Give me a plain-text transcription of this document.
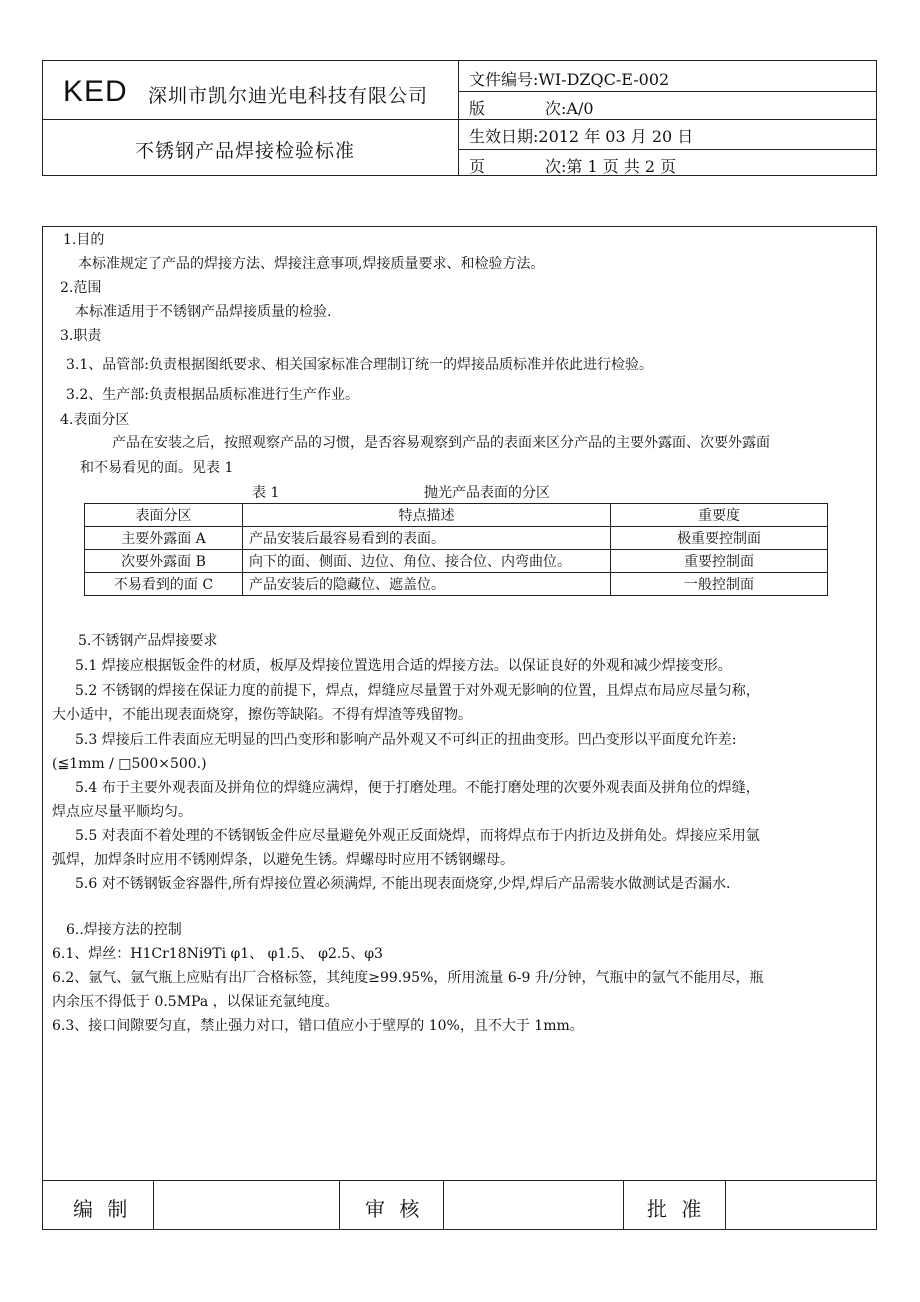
KED 深圳市凯尔迪光电科技有限公司
不锈钢产品焊接检验标准
文件编号:WI-DZQC-E-002
版	次:A/0
生效日期:2012 年 03 月 20 日
页	次:第 1 页 共 2 页
1.目的
本标准规定了产品的焊接方法、焊接注意事项,焊接质量要求、和检验方法。
2.范围
本标准适用于不锈钢产品焊接质量的检验.
3.职责
3.1、品管部:负责根据图纸要求、相关国家标准合理制订统一的焊接品质标准并依此进行检验。
3.2、生产部:负责根据品质标准进行生产作业。
4.表面分区
产品在安装之后，按照观察产品的习惯，是否容易观察到产品的表面来区分产品的主要外露面、次要外露面
和不易看见的面。见表 1
表 1	抛光产品表面的分区
表面分区	特点描述	重要度
主要外露面 A	产品安装后最容易看到的表面。	极重要控制面
次要外露面 B	向下的面、侧面、边位、角位、接合位、内弯曲位。	重要控制面
不易看到的面 C	产品安装后的隐藏位、遮盖位。	一般控制面
5.不锈钢产品焊接要求
5.1 焊接应根据钣金件的材质，板厚及焊接位置选用合适的焊接方法。以保证良好的外观和减少焊接变形。
5.2 不锈钢的焊接在保证力度的前提下，焊点，焊缝应尽量置于对外观无影响的位置，且焊点布局应尽量匀称，
大小适中，不能出现表面烧穿，擦伤等缺陷。不得有焊渣等残留物。
5.3 焊接后工件表面应无明显的凹凸变形和影响产品外观又不可纠正的扭曲变形。凹凸变形以平面度允许差:
(≦1mm / □500×500.)
5.4 布于主要外观表面及拼角位的焊缝应满焊，便于打磨处理。不能打磨处理的次要外观表面及拼角位的焊缝，
焊点应尽量平顺均匀。
5.5 对表面不着处理的不锈钢钣金件应尽量避免外观正反面烧焊，而将焊点布于内折边及拼角处。焊接应采用氩
弧焊，加焊条时应用不锈刚焊条，以避免生锈。焊螺母时应用不锈钢螺母。
5.6 对不锈钢钣金容器件,所有焊接位置必须满焊, 不能出现表面烧穿,少焊,焊后产品需装水做测试是否漏水.
6..焊接方法的控制
6.1、焊丝：H1Cr18Ni9Ti φ1、 φ1.5、 φ2.5、φ3
6.2、氩气、氩气瓶上应贴有出厂合格标签，其纯度≥99.95%，所用流量 6-9 升/分钟，气瓶中的氩气不能用尽，瓶
内余压不得低于 0.5MPa ，以保证充氩纯度。
6.3、接口间隙要匀直，禁止强力对口，错口值应小于壁厚的 10%，且不大于 1mm。
编 制	审 核	批 准
